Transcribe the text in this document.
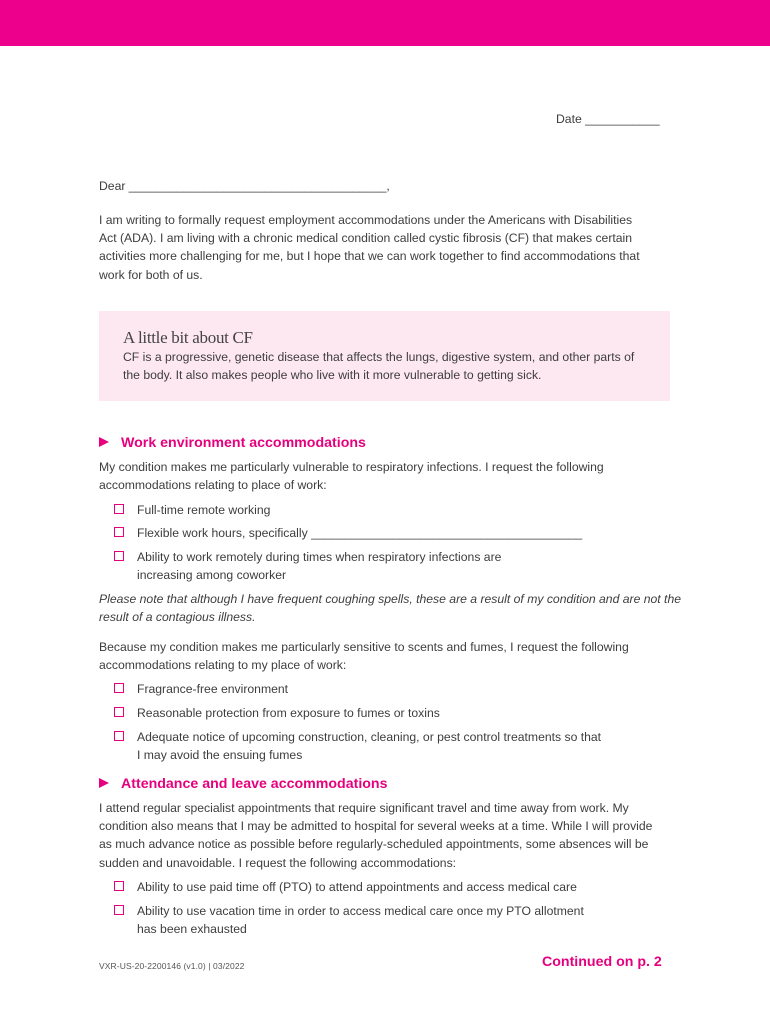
Date ___________
Dear ______________________________________,
I am writing to formally request employment accommodations under the Americans with Disabilities
Act (ADA). I am living with a chronic medical condition called cystic fibrosis (CF) that makes certain
activities more challenging for me, but I hope that we can work together to find accommodations that
work for both of us.
A little bit about CF
CF is a progressive, genetic disease that affects the lungs, digestive system, and other parts of
the body. It also makes people who live with it more vulnerable to getting sick.
Work environment accommodations
My condition makes me particularly vulnerable to respiratory infections. I request the following
accommodations relating to place of work:
Full-time remote working
Flexible work hours, specifically ________________________________________
Ability to work remotely during times when respiratory infections are
increasing among coworker
Please note that although I have frequent coughing spells, these are a result of my condition and are not the
result of a contagious illness.
Because my condition makes me particularly sensitive to scents and fumes, I request the following
accommodations relating to my place of work:
Fragrance-free environment
Reasonable protection from exposure to fumes or toxins
Adequate notice of upcoming construction, cleaning, or pest control treatments so that
I may avoid the ensuing fumes
Attendance and leave accommodations
I attend regular specialist appointments that require significant travel and time away from work. My
condition also means that I may be admitted to hospital for several weeks at a time. While I will provide
as much advance notice as possible before regularly-scheduled appointments, some absences will be
sudden and unavoidable. I request the following accommodations:
Ability to use paid time off (PTO) to attend appointments and access medical care
Ability to use vacation time in order to access medical care once my PTO allotment
has been exhausted
VXR-US-20-2200146 (v1.0) | 03/2022	Continued on p. 2
